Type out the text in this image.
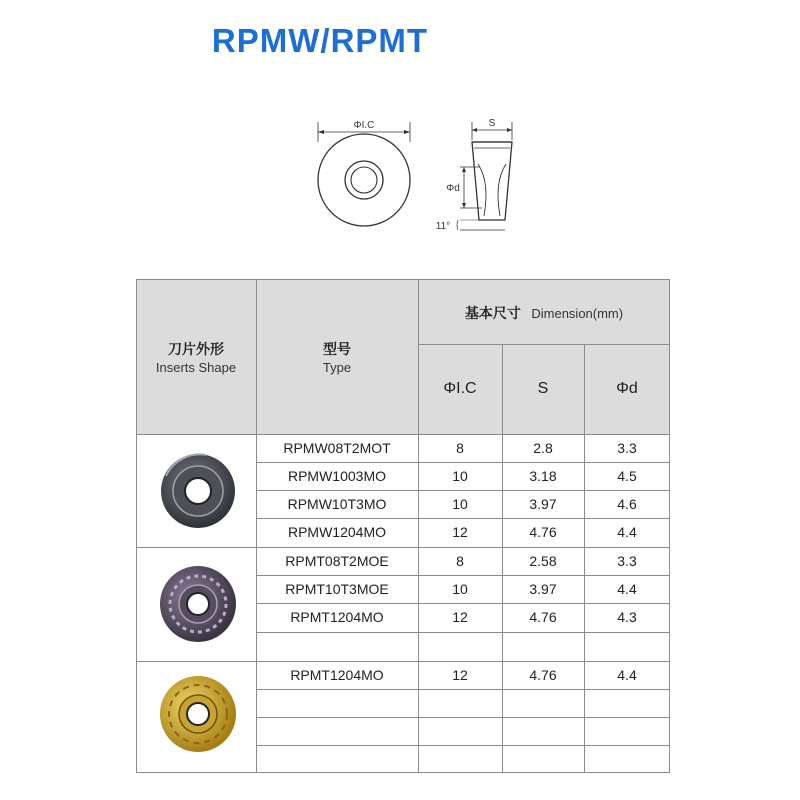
RPMW/RPMT
ΦI.C	S
Φd
11°
刀片外形
Inserts Shape
型号
Type
基本尺寸 Dimension(mm)
ΦI.C	S	Φd
RPMW08T2MOT	8	2.8	3.3
RPMW1003MO	10	3.18	4.5
RPMW10T3MO	10	3.97	4.6
RPMW1204MO	12	4.76	4.4
RPMT08T2MOE	8	2.58	3.3
RPMT10T3MOE	10	3.97	4.4
RPMT1204MO	12	4.76	4.3
RPMT1204MO	12	4.76	4.4
